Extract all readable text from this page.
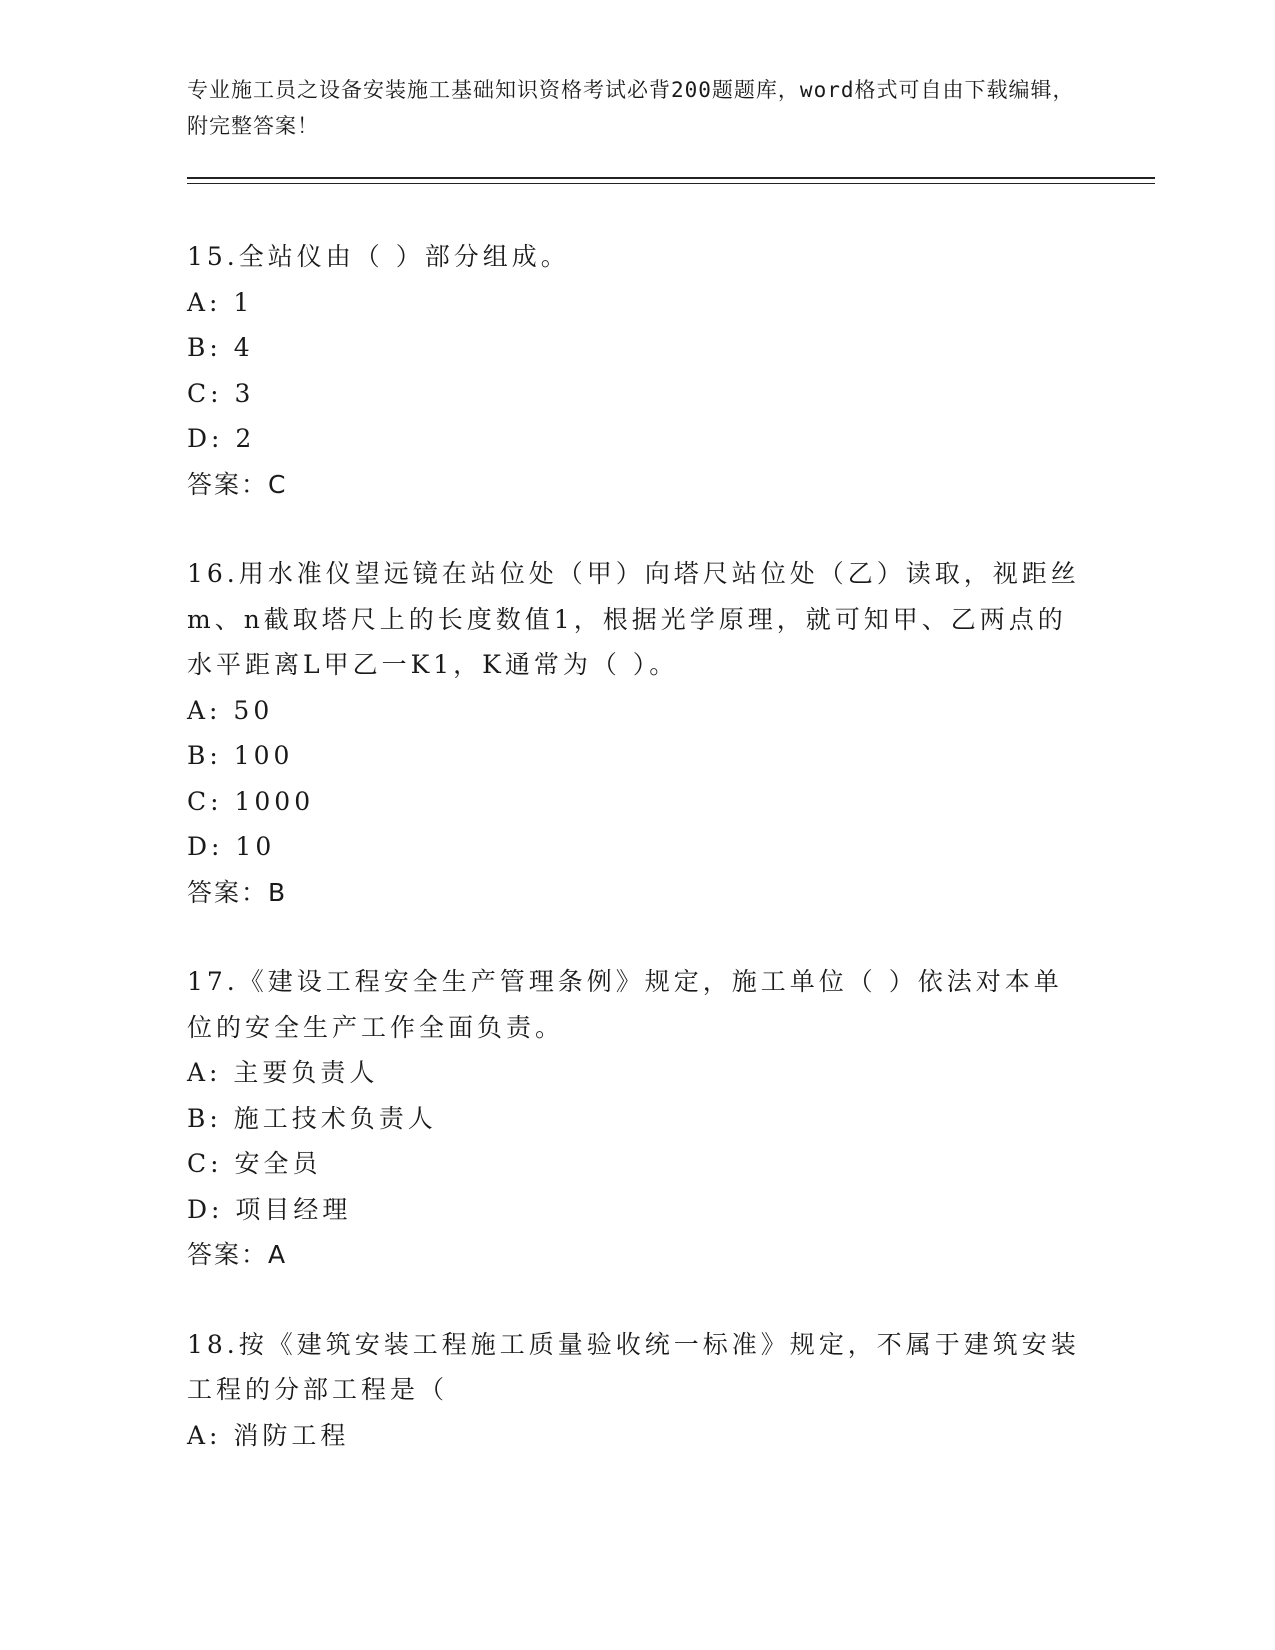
专业施工员之设备安装施工基础知识资格考试必背200题题库，word格式可自由下载编辑，附完整答案！
15.全站仪由（ ）部分组成。
A: 1
B: 4
C: 3
D: 2
答案：C
16.用水准仪望远镜在站位处（甲）向塔尺站位处（乙）读取，视距丝m、n截取塔尺上的长度数值1，根据光学原理，就可知甲、乙两点的水平距离L甲乙一K1，K通常为（ ）。
A: 50
B: 100
C: 1000
D: 10
答案：B
17.《建设工程安全生产管理条例》规定，施工单位（ ）依法对本单位的安全生产工作全面负责。
A: 主要负责人
B: 施工技术负责人
C: 安全员
D: 项目经理
答案：A
18.按《建筑安装工程施工质量验收统一标准》规定，不属于建筑安装工程的分部工程是（
A: 消防工程
